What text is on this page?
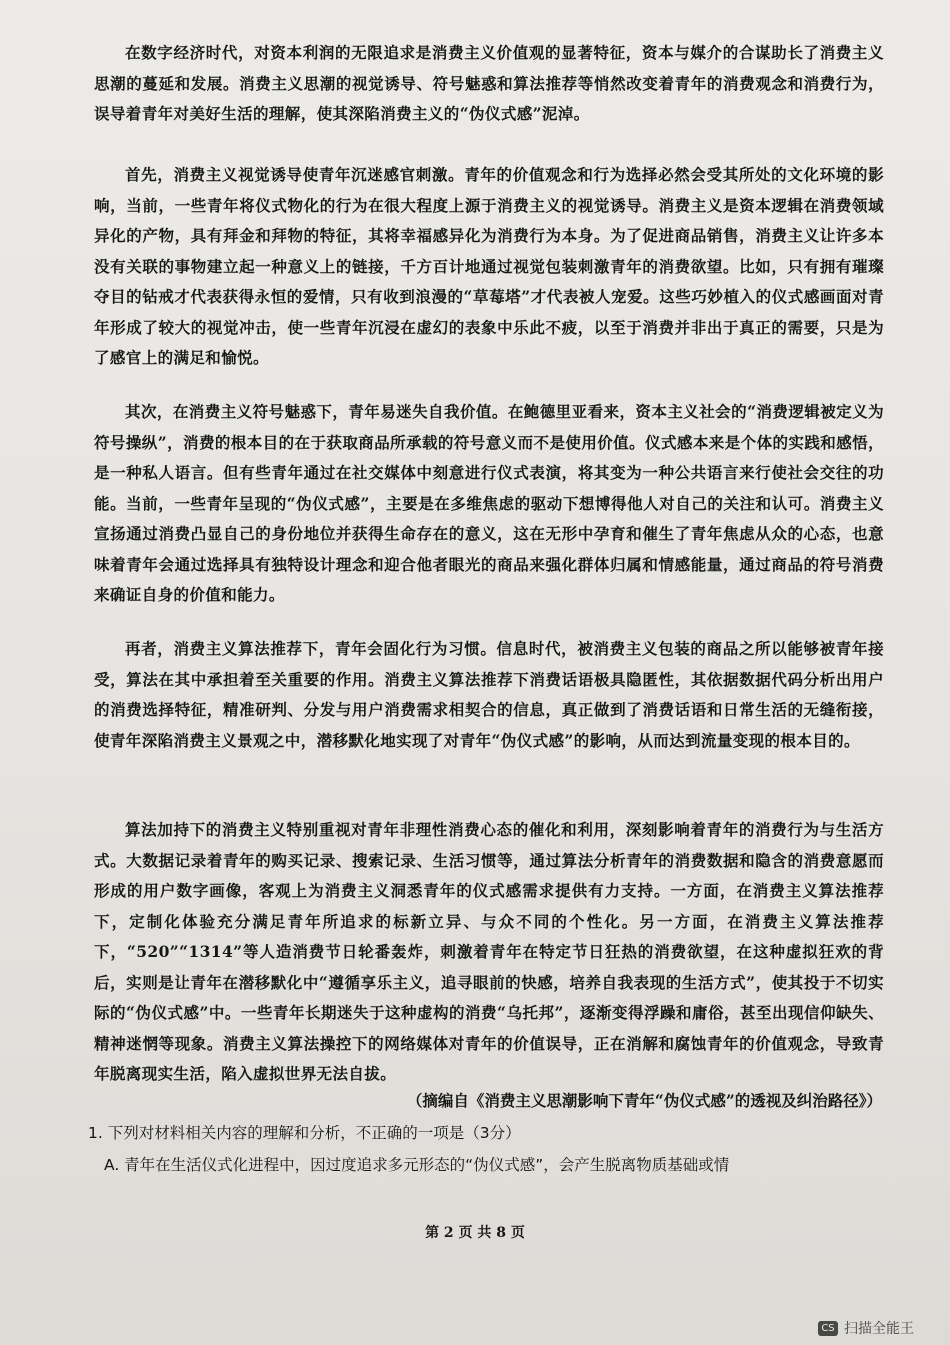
在数字经济时代，对资本利润的无限追求是消费主义价值观的显著特征，资本与媒介的合谋助长了消费主义思潮的蔓延和发展。消费主义思潮的视觉诱导、符号魅惑和算法推荐等悄然改变着青年的消费观念和消费行为，误导着青年对美好生活的理解，使其深陷消费主义的“伪仪式感”泥淖。

首先，消费主义视觉诱导使青年沉迷感官刺激。青年的价值观念和行为选择必然会受其所处的文化环境的影响，当前，一些青年将仪式物化的行为在很大程度上源于消费主义的视觉诱导。消费主义是资本逻辑在消费领域异化的产物，具有拜金和拜物的特征，其将幸福感异化为消费行为本身。为了促进商品销售，消费主义让许多本没有关联的事物建立起一种意义上的链接，千方百计地通过视觉包装刺激青年的消费欲望。比如，只有拥有璀璨夺目的钻戒才代表获得永恒的爱情，只有收到浪漫的“草莓塔”才代表被人宠爱。这些巧妙植入的仪式感画面对青年形成了较大的视觉冲击，使一些青年沉浸在虚幻的表象中乐此不疲，以至于消费并非出于真正的需要，只是为了感官上的满足和愉悦。

其次，在消费主义符号魅惑下，青年易迷失自我价值。在鲍德里亚看来，资本主义社会的“消费逻辑被定义为符号操纵”，消费的根本目的在于获取商品所承载的符号意义而不是使用价值。仪式感本来是个体的实践和感悟，是一种私人语言。但有些青年通过在社交媒体中刻意进行仪式表演，将其变为一种公共语言来行使社会交往的功能。当前，一些青年呈现的“伪仪式感”，主要是在多维焦虑的驱动下想博得他人对自己的关注和认可。消费主义宣扬通过消费凸显自己的身份地位并获得生命存在的意义，这在无形中孕育和催生了青年焦虑从众的心态，也意味着青年会通过选择具有独特设计理念和迎合他者眼光的商品来强化群体归属和情感能量，通过商品的符号消费来确证自身的价值和能力。

再者，消费主义算法推荐下，青年会固化行为习惯。信息时代，被消费主义包装的商品之所以能够被青年接受，算法在其中承担着至关重要的作用。消费主义算法推荐下消费话语极具隐匿性，其依据数据代码分析出用户的消费选择特征，精准研判、分发与用户消费需求相契合的信息，真正做到了消费话语和日常生活的无缝衔接，使青年深陷消费主义景观之中，潜移默化地实现了对青年“伪仪式感”的影响，从而达到流量变现的根本目的。

算法加持下的消费主义特别重视对青年非理性消费心态的催化和利用，深刻影响着青年的消费行为与生活方式。大数据记录着青年的购买记录、搜索记录、生活习惯等，通过算法分析青年的消费数据和隐含的消费意愿而形成的用户数字画像，客观上为消费主义洞悉青年的仪式感需求提供有力支持。一方面，在消费主义算法推荐下，定制化体验充分满足青年所追求的标新立异、与众不同的个性化。另一方面，在消费主义算法推荐下，“520”“1314”等人造消费节日轮番轰炸，刺激着青年在特定节日狂热的消费欲望，在这种虚拟狂欢的背后，实则是让青年在潜移默化中“遵循享乐主义，追寻眼前的快感，培养自我表现的生活方式”，使其投于不切实际的“伪仪式感”中。一些青年长期迷失于这种虚构的消费“乌托邦”，逐渐变得浮躁和庸俗，甚至出现信仰缺失、精神迷惘等现象。消费主义算法操控下的网络媒体对青年的价值误导，正在消解和腐蚀青年的价值观念，导致青年脱离现实生活，陷入虚拟世界无法自拔。

（摘编自《消费主义思潮影响下青年“伪仪式感”的透视及纠治路径》）

1. 下列对材料相关内容的理解和分析，不正确的一项是（3分）

A. 青年在生活仪式化进程中，因过度追求多元形态的“伪仪式感”，会产生脱离物质基础或情

第 2 页 共 8 页
CS 扫描全能王
